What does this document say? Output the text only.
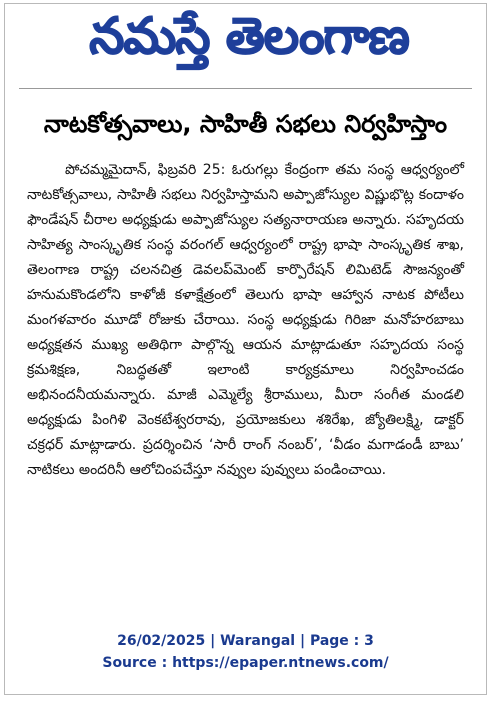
నమస్తే తెలంగాణ
నాటకోత్సవాలు, సాహితీ సభలు నిర్వహిస్తాం
పోచమ్మమైదాన్, ఫిబ్రవరి 25: ఓరుగల్లు కేంద్రంగా తమ సంస్థ ఆధ్వర్యంలో నాటకోత్సవాలు, సాహితీ సభలు నిర్వహిస్తామని అప్పాజోస్యుల విష్ణుభొట్ల కందాళం ఫౌండేషన్ చీరాల అధ్యక్షుడు అప్పాజోస్యుల సత్యనారాయణ అన్నారు. సహృదయ సాహిత్య సాంస్కృతిక సంస్థ వరంగల్ ఆధ్వర్యంలో రాష్ట్ర భాషా సాంస్కృతిక శాఖ, తెలంగాణ రాష్ట్ర చలనచిత్ర డెవలప్‌మెంట్ కార్పొరేషన్ లిమిటెడ్ సౌజన్యంతో హనుమకొండలోని కాళోజీ కళాక్షేత్రంలో తెలుగు భాషా ఆహ్వాన నాటక పోటీలు మంగళవారం మూడో రోజుకు చేరాయి. సంస్థ అధ్యక్షుడు గిరిజా మనోహరబాబు అధ్యక్షతన ముఖ్య అతిథిగా పాల్గొన్న ఆయన మాట్లాడుతూ సహృదయ సంస్థ క్రమశిక్షణ, నిబద్ధతతో ఇలాంటి కార్యక్రమాలు నిర్వహించడం అభినందనీయమన్నారు. మాజీ ఎమ్మెల్యే శ్రీరాములు, మీరా సంగీత మండలి అధ్యక్షుడు పింగిళి వెంకటేశ్వరరావు, ప్రయోజకులు శశిరేఖ, జ్యోతిలక్ష్మి, డాక్టర్ చక్రధర్ మాట్లాడారు. ప్రదర్శించిన ‘సారీ రాంగ్ నంబర్’, ‘వీడం మగాడండీ బాబు’ నాటికలు అందరినీ ఆలోచింపచేస్తూ నవ్వుల పువ్వులు పండించాయి.
26/02/2025 | Warangal | Page : 3
Source : https://epaper.ntnews.com/
